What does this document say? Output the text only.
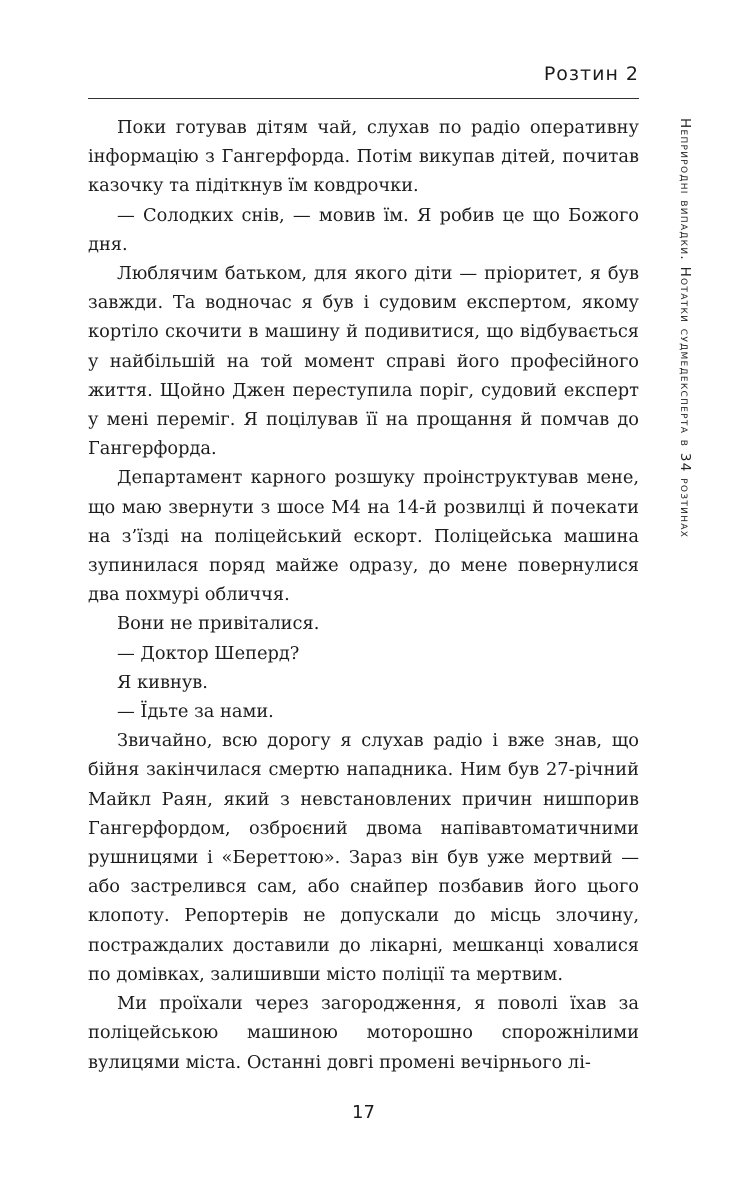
Розтин 2
Неприродні випадки. Нотатки судмедексперта в 34 розтинах

Поки готував дітям чай, слухав по радіо оперативну інформацію з Гангерфорда. Потім викупав дітей, почитав казочку та підіткнув їм ковдрочки.

— Солодких снів, — мовив їм. Я робив це що Божого дня.

Люблячим батьком, для якого діти — пріоритет, я був завжди. Та водночас я був і судовим експертом, якому кортіло скочити в машину й подивитися, що відбувається у найбільшій на той момент справі його професійного життя. Щойно Джен переступила поріг, судовий експерт у мені переміг. Я поцілував її на прощання й помчав до Гангерфорда.

Департамент карного розшуку проінструктував мене, що маю звернути з шосе М4 на 14-й розвилці й почекати на з’їзді на поліцейський ескорт. Поліцейська машина зупинилася поряд майже одразу, до мене повернулися два похмурі обличчя.

Вони не привіталися.

— Доктор Шеперд?

Я кивнув.

— Їдьте за нами.

Звичайно, всю дорогу я слухав радіо і вже знав, що бійня закінчилася смертю нападника. Ним був 27-річний Майкл Раян, який з невстановлених причин нишпорив Гангерфордом, озброєний двома напівавтоматичними рушницями і «Береттою». Зараз він був уже мертвий — або застрелився сам, або снайпер позбавив його цього клопоту. Репортерів не допускали до місць злочину, постраждалих доставили до лікарні, мешканці ховалися по домівках, залишивши місто поліції та мертвим.

Ми проїхали через загородження, я поволі їхав за поліцейською машиною моторошно спорожнілими вулицями міста. Останні довгі промені вечірнього лі-

17
